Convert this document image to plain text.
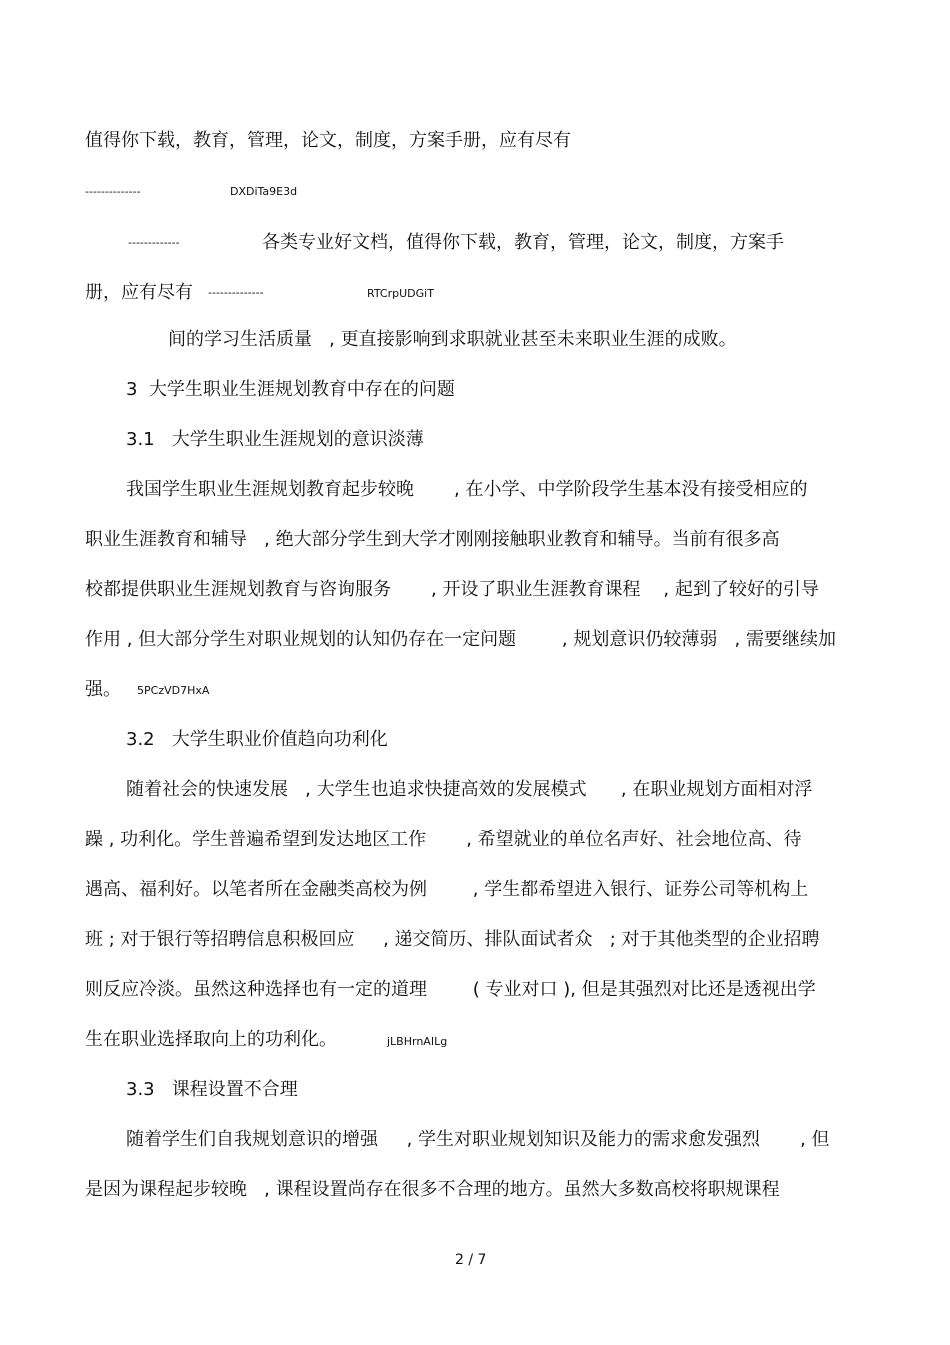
值得你下载，教育，管理，论文，制度，方案手册，应有尽有
--------------	DXDiTa9E3d
-------------	各类专业好文档，值得你下载，教育，管理，论文，制度，方案手
册，应有尽有 --------------	RTCrpUDGiT
间的学习生活质量   , 更直接影响到求职就业甚至未来职业生涯的成败。
3  大学生职业生涯规划教育中存在的问题
3.1   大学生职业生涯规划的意识淡薄
我国学生职业生涯规划教育起步较晚       , 在小学、中学阶段学生基本没有接受相应的
职业生涯教育和辅导   , 绝大部分学生到大学才刚刚接触职业教育和辅导。当前有很多高
校都提供职业生涯规划教育与咨询服务       , 开设了职业生涯教育课程    , 起到了较好的引导
作用 , 但大部分学生对职业规划的认知仍存在一定问题        , 规划意识仍较薄弱   , 需要继续加
强。 5PCzVD7HxA
3.2   大学生职业价值趋向功利化
随着社会的快速发展   , 大学生也追求快捷高效的发展模式      , 在职业规划方面相对浮
躁 , 功利化。学生普遍希望到发达地区工作       , 希望就业的单位名声好、社会地位高、待
遇高、福利好。以笔者所在金融类高校为例        , 学生都希望进入银行、证券公司等机构上
班 ; 对于银行等招聘信息积极回应     , 递交简历、排队面试者众   ; 对于其他类型的企业招聘
则反应冷淡。虽然这种选择也有一定的道理        ( 专业对口 ), 但是其强烈对比还是透视出学
生在职业选择取向上的功利化。	jLBHrnAILg
3.3   课程设置不合理
随着学生们自我规划意识的增强     , 学生对职业规划知识及能力的需求愈发强烈       , 但
是因为课程起步较晚   , 课程设置尚存在很多不合理的地方。虽然大多数高校将职规课程
2 / 7
